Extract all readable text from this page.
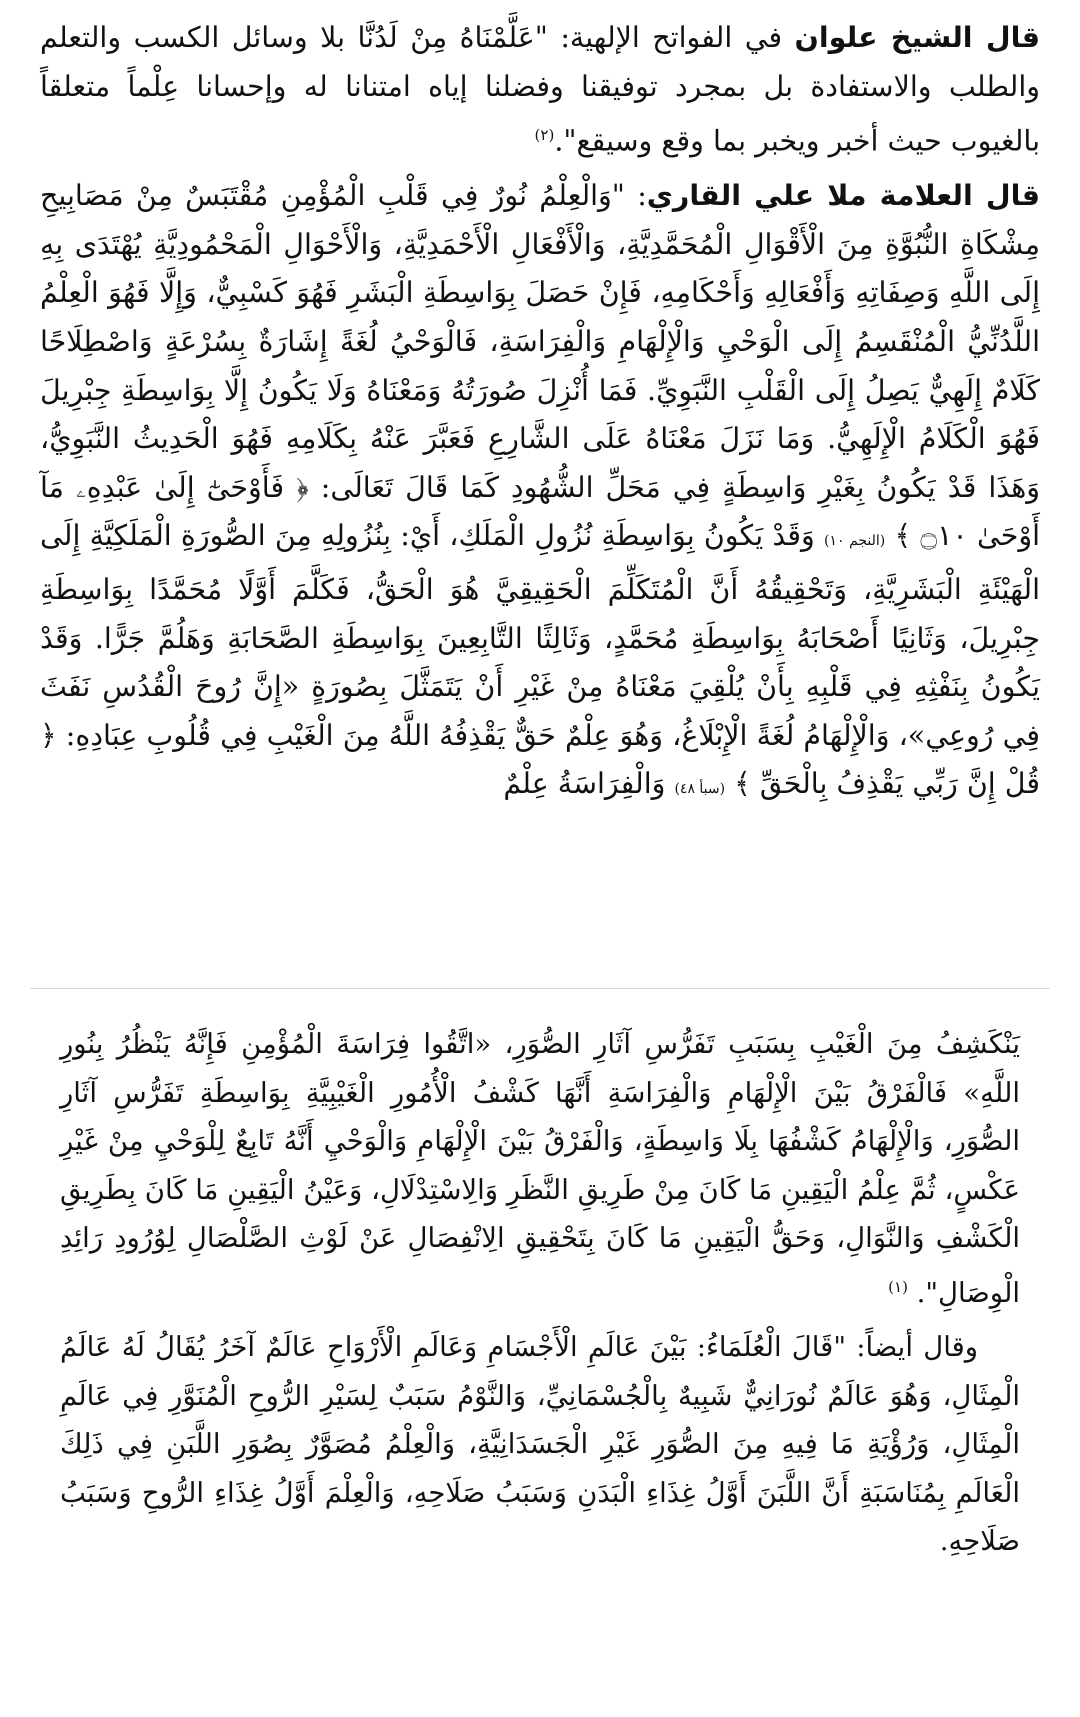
قال الشيخ علوان في الفواتح الإلهية: "عَلَّمْنَاهُ مِنْ لَدُنَّا بلا وسائل الكسب والتعلم والطلب والاستفادة بل بمجرد توفيقنا وفضلنا إياه امتنانا له وإحسانا عِلْماً متعلقاً بالغيوب حيث أخبر ويخبر بما وقع وسيقع".$^{(٢)}$

قال العلامة ملا علي القاري: "وَالْعِلْمُ نُورٌ فِي قَلْبِ الْمُؤْمِنِ مُقْتَبَسٌ مِنْ مَصَابِيحِ مِشْكَاةِ النُّبُوَّةِ مِنَ الْأَقْوَالِ الْمُحَمَّدِيَّةِ، وَالْأَفْعَالِ الْأَحْمَدِيَّةِ، وَالْأَحْوَالِ الْمَحْمُودِيَّةِ يُهْتَدَى بِهِ إِلَى اللَّهِ وَصِفَاتِهِ وَأَفْعَالِهِ وَأَحْكَامِهِ، فَإِنْ حَصَلَ بِوَاسِطَةِ الْبَشَرِ فَهُوَ كَسْبِيٌّ، وَإِلَّا فَهُوَ الْعِلْمُ اللَّدُنِّيُّ الْمُنْقَسِمُ إِلَى الْوَحْيِ وَالْإِلْهَامِ وَالْفِرَاسَةِ، فَالْوَحْيُ لُغَةً إِشَارَةٌ بِسُرْعَةٍ وَاصْطِلَاحًا كَلَامٌ إِلَهِيٌّ يَصِلُ إِلَى الْقَلْبِ النَّبَوِيِّ. فَمَا أُنْزِلَ صُورَتُهُ وَمَعْنَاهُ وَلَا يَكُونُ إِلَّا بِوَاسِطَةِ جِبْرِيلَ فَهُوَ الْكَلَامُ الْإِلَهِيُّ. وَمَا نَزَلَ مَعْنَاهُ عَلَى الشَّارِعِ فَعَبَّرَ عَنْهُ بِكَلَامِهِ فَهُوَ الْحَدِيثُ النَّبَوِيُّ، وَهَذَا قَدْ يَكُونُ بِغَيْرِ وَاسِطَةٍ فِي مَحَلِّ الشُّهُودِ كَمَا قَالَ تَعَالَى: ﴿ فَأَوْحَىٰٓ إِلَىٰ عَبْدِهِۦ مَآ أَوْحَىٰ ۝١٠ ﴾ (النجم ١٠) وَقَدْ يَكُونُ بِوَاسِطَةِ نُزُولِ الْمَلَكِ، أَيْ: بِنُزُولِهِ مِنَ الصُّورَةِ الْمَلَكِيَّةِ إِلَى الْهَيْئَةِ الْبَشَرِيَّةِ، وَتَحْقِيقُهُ أَنَّ الْمُتَكَلِّمَ الْحَقِيقِيَّ هُوَ الْحَقُّ، فَكَلَّمَ أَوَّلًا مُحَمَّدًا بِوَاسِطَةِ جِبْرِيلَ، وَثَانِيًا أَصْحَابَهُ بِوَاسِطَةِ مُحَمَّدٍ، وَثَالِثًا التَّابِعِينَ بِوَاسِطَةِ الصَّحَابَةِ وَهَلُمَّ جَرًّا. وَقَدْ يَكُونُ بِنَفْثِهِ فِي قَلْبِهِ بِأَنْ يُلْقِيَ مَعْنَاهُ مِنْ غَيْرِ أَنْ يَتَمَثَّلَ بِصُورَةٍ «إِنَّ رُوحَ الْقُدُسِ نَفَثَ فِي رُوعِي»، وَالْإِلْهَامُ لُغَةً الْإِبْلَاغُ، وَهُوَ عِلْمٌ حَقٌّ يَقْذِفُهُ اللَّهُ مِنَ الْغَيْبِ فِي قُلُوبِ عِبَادِهِ: ﴿ قُلْ إِنَّ رَبِّي يَقْذِفُ بِالْحَقِّ ﴾ (سبأ ٤٨) وَالْفِرَاسَةُ عِلْمٌ

يَنْكَشِفُ مِنَ الْغَيْبِ بِسَبَبِ تَفَرُّسِ آثَارِ الصُّوَرِ، «اتَّقُوا فِرَاسَةَ الْمُؤْمِنِ فَإِنَّهُ يَنْظُرُ بِنُورِ اللَّهِ» فَالْفَرْقُ بَيْنَ الْإِلْهَامِ وَالْفِرَاسَةِ أَنَّهَا كَشْفُ الْأُمُورِ الْغَيْبِيَّةِ بِوَاسِطَةِ تَفَرُّسِ آثَارِ الصُّوَرِ، وَالْإِلْهَامُ كَشْفُهَا بِلَا وَاسِطَةٍ، وَالْفَرْقُ بَيْنَ الْإِلْهَامِ وَالْوَحْيِ أَنَّهُ تَابِعٌ لِلْوَحْيِ مِنْ غَيْرِ عَكْسٍ، ثُمَّ عِلْمُ الْيَقِينِ مَا كَانَ مِنْ طَرِيقِ النَّظَرِ وَالِاسْتِدْلَالِ، وَعَيْنُ الْيَقِينِ مَا كَانَ بِطَرِيقِ الْكَشْفِ وَالنَّوَالِ، وَحَقُّ الْيَقِينِ مَا كَانَ بِتَحْقِيقِ الِانْفِصَالِ عَنْ لَوْثِ الصَّلْصَالِ لِوُرُودِ رَائِدِ الْوِصَالِ". $^{(١)}$

وقال أيضاً: "قَالَ الْعُلَمَاءُ: بَيْنَ عَالَمِ الْأَجْسَامِ وَعَالَمِ الْأَرْوَاحِ عَالَمٌ آخَرُ يُقَالُ لَهُ عَالَمُ الْمِثَالِ، وَهُوَ عَالَمٌ نُورَانِيٌّ شَبِيهٌ بِالْجُسْمَانِيِّ، وَالنَّوْمُ سَبَبٌ لِسَيْرِ الرُّوحِ الْمُنَوَّرِ فِي عَالَمِ الْمِثَالِ، وَرُؤْيَةِ مَا فِيهِ مِنَ الصُّوَرِ غَيْرِ الْجَسَدَانِيَّةِ، وَالْعِلْمُ مُصَوَّرٌ بِصُوَرِ اللَّبَنِ فِي ذَلِكَ الْعَالَمِ بِمُنَاسَبَةِ أَنَّ اللَّبَنَ أَوَّلُ غِذَاءِ الْبَدَنِ وَسَبَبُ صَلَاحِهِ، وَالْعِلْمَ أَوَّلُ غِذَاءِ الرُّوحِ وَسَبَبُ صَلَاحِهِ.
